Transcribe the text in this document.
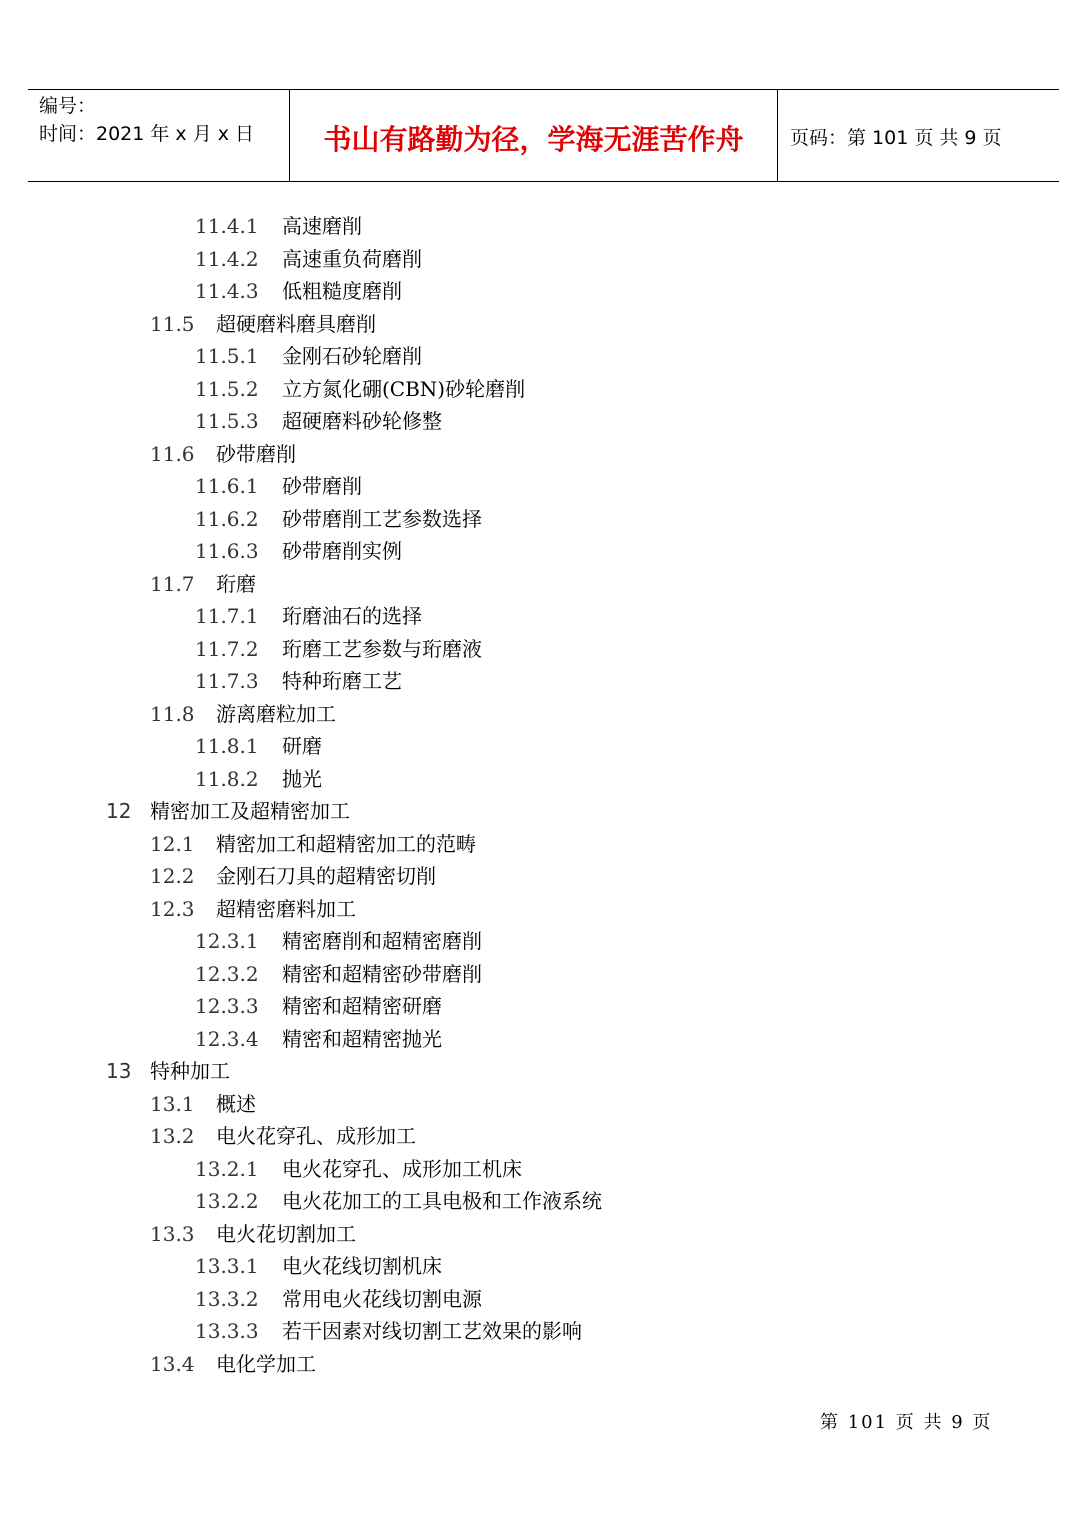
编号：
时间：2021 年 x 月 x 日	书山有路勤为径，学海无涯苦作舟	页码：第 101 页 共 9 页
11.4.1 高速磨削
11.4.2 高速重负荷磨削
11.4.3 低粗糙度磨削
11.5 超硬磨料磨具磨削
11.5.1 金刚石砂轮磨削
11.5.2 立方氮化硼(CBN)砂轮磨削
11.5.3 超硬磨料砂轮修整
11.6 砂带磨削
11.6.1 砂带磨削
11.6.2 砂带磨削工艺参数选择
11.6.3 砂带磨削实例
11.7 珩磨
11.7.1 珩磨油石的选择
11.7.2 珩磨工艺参数与珩磨液
11.7.3 特种珩磨工艺
11.8 游离磨粒加工
11.8.1 研磨
11.8.2 抛光
12 精密加工及超精密加工
12.1 精密加工和超精密加工的范畴
12.2 金刚石刀具的超精密切削
12.3 超精密磨料加工
12.3.1 精密磨削和超精密磨削
12.3.2 精密和超精密砂带磨削
12.3.3 精密和超精密研磨
12.3.4 精密和超精密抛光
13 特种加工
13.1 概述
13.2 电火花穿孔、成形加工
13.2.1 电火花穿孔、成形加工机床
13.2.2 电火花加工的工具电极和工作液系统
13.3 电火花切割加工
13.3.1 电火花线切割机床
13.3.2 常用电火花线切割电源
13.3.3 若干因素对线切割工艺效果的影响
13.4 电化学加工
第 101 页 共 9 页
